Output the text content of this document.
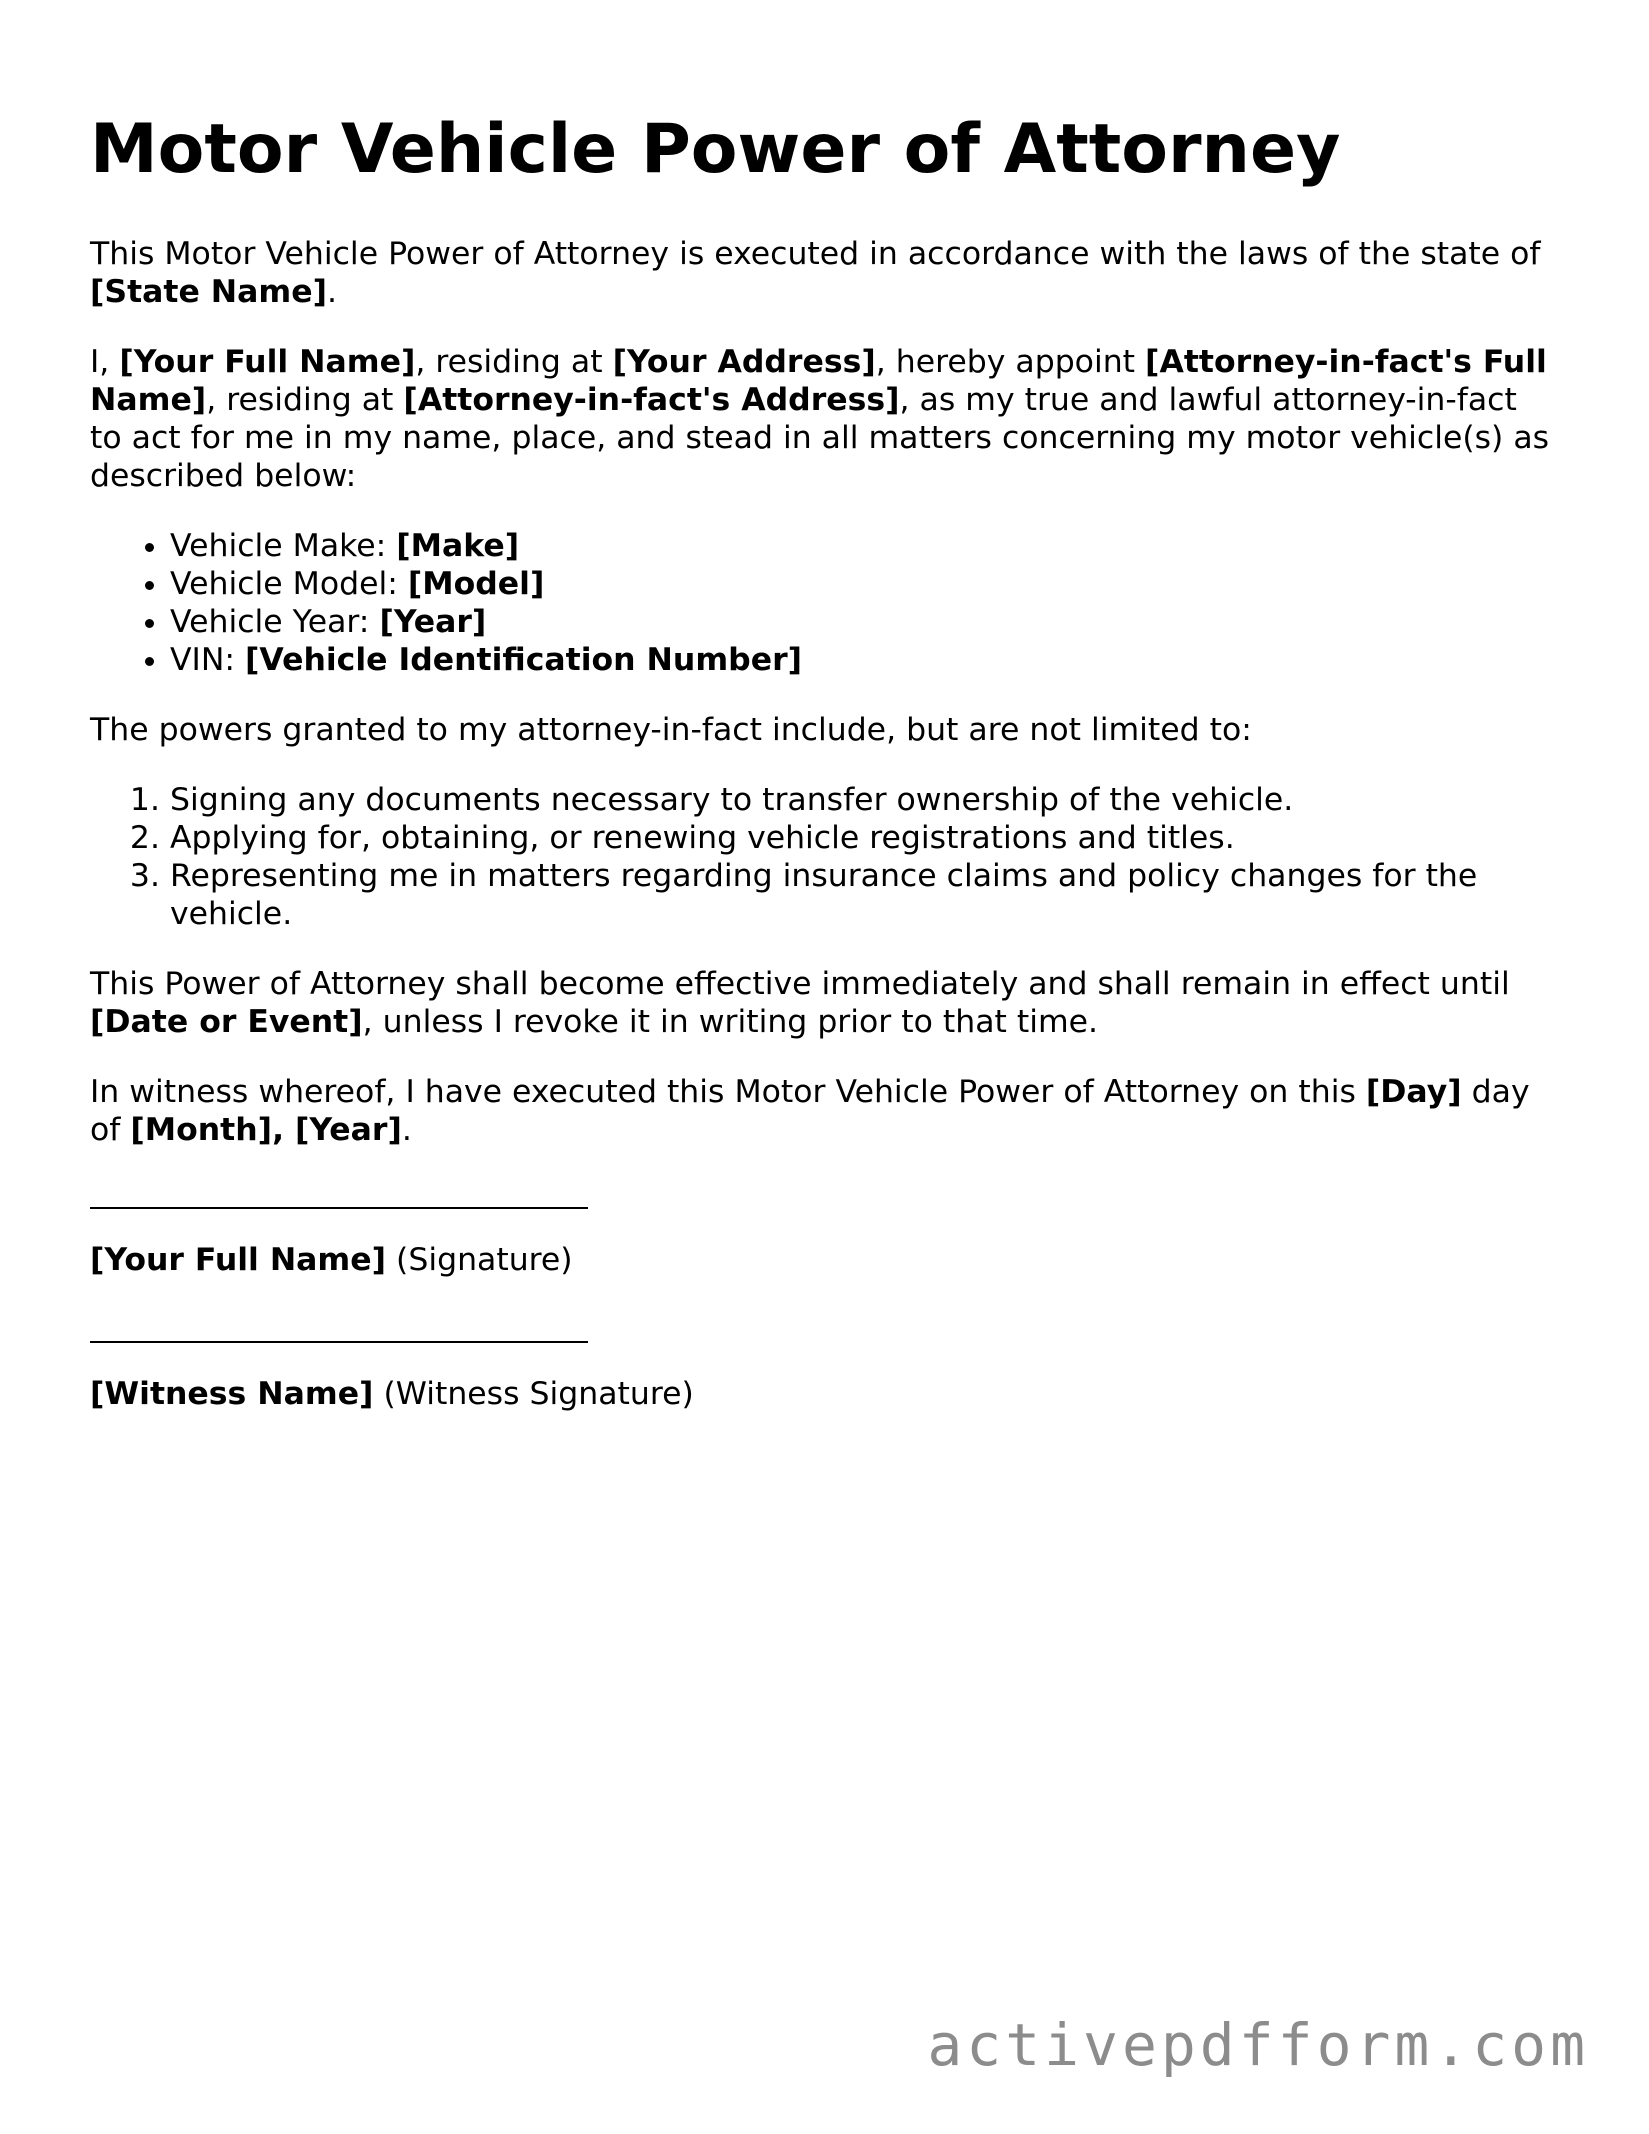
Motor Vehicle Power of Attorney

This Motor Vehicle Power of Attorney is executed in accordance with the laws of the state of [State Name].

I, [Your Full Name], residing at [Your Address], hereby appoint [Attorney-in-fact's Full Name], residing at [Attorney-in-fact's Address], as my true and lawful attorney-in-fact to act for me in my name, place, and stead in all matters concerning my motor vehicle(s) as described below:

• Vehicle Make: [Make]
• Vehicle Model: [Model]
• Vehicle Year: [Year]
• VIN: [Vehicle Identification Number]

The powers granted to my attorney-in-fact include, but are not limited to:

1. Signing any documents necessary to transfer ownership of the vehicle.
2. Applying for, obtaining, or renewing vehicle registrations and titles.
3. Representing me in matters regarding insurance claims and policy changes for the vehicle.

This Power of Attorney shall become effective immediately and shall remain in effect until [Date or Event], unless I revoke it in writing prior to that time.

In witness whereof, I have executed this Motor Vehicle Power of Attorney on this [Day] day of [Month], [Year].

[Your Full Name] (Signature)

[Witness Name] (Witness Signature)

activepdfform.com
